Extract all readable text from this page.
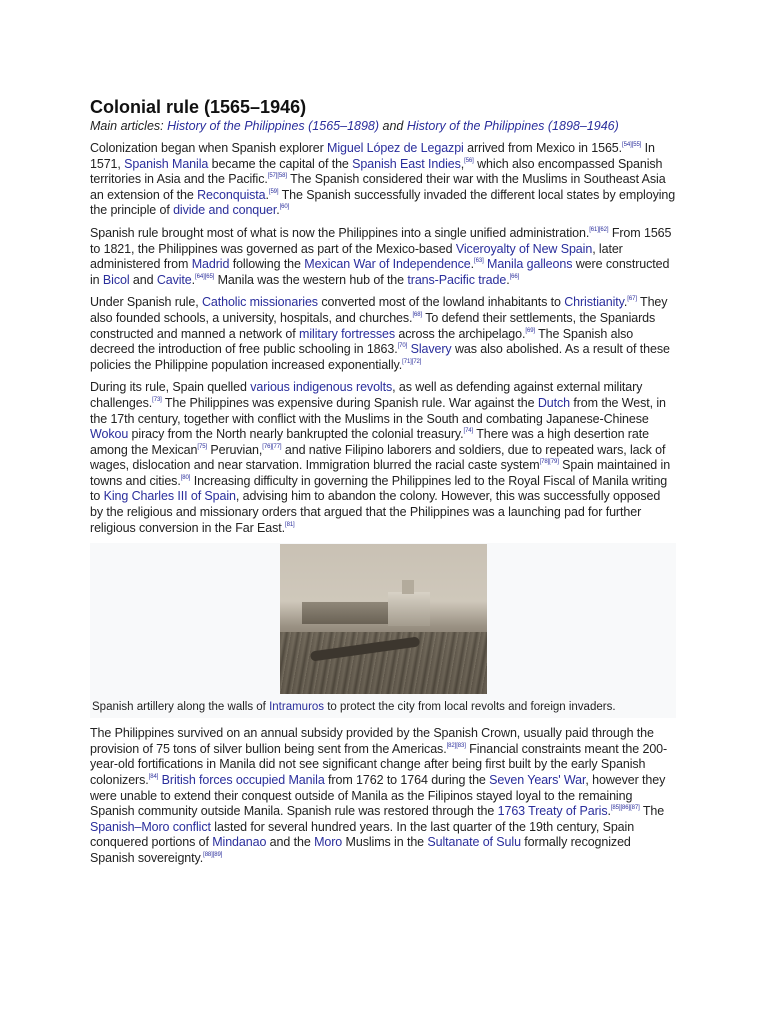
Colonial rule (1565–1946)
Main articles: History of the Philippines (1565–1898) and History of the Philippines (1898–1946)

Colonization began when Spanish explorer Miguel López de Legazpi arrived from Mexico in 1565.[54][55] In 1571, Spanish Manila became the capital of the Spanish East Indies,[56] which also encompassed Spanish territories in Asia and the Pacific.[57][58] The Spanish considered their war with the Muslims in Southeast Asia an extension of the Reconquista.[59] The Spanish successfully invaded the different local states by employing the principle of divide and conquer.[60]

Spanish rule brought most of what is now the Philippines into a single unified administration.[61][62] From 1565 to 1821, the Philippines was governed as part of the Mexico-based Viceroyalty of New Spain, later administered from Madrid following the Mexican War of Independence.[63] Manila galleons were constructed in Bicol and Cavite.[64][65] Manila was the western hub of the trans-Pacific trade.[66]

Under Spanish rule, Catholic missionaries converted most of the lowland inhabitants to Christianity.[67] They also founded schools, a university, hospitals, and churches.[68] To defend their settlements, the Spaniards constructed and manned a network of military fortresses across the archipelago.[69] The Spanish also decreed the introduction of free public schooling in 1863.[70] Slavery was also abolished. As a result of these policies the Philippine population increased exponentially.[71][72]

During its rule, Spain quelled various indigenous revolts, as well as defending against external military challenges.[73] The Philippines was expensive during Spanish rule. War against the Dutch from the West, in the 17th century, together with conflict with the Muslims in the South and combating Japanese-Chinese Wokou piracy from the North nearly bankrupted the colonial treasury.[74] There was a high desertion rate among the Mexican[75] Peruvian,[76][77] and native Filipino laborers and soldiers, due to repeated wars, lack of wages, dislocation and near starvation. Immigration blurred the racial caste system[78][79] Spain maintained in towns and cities.[80] Increasing difficulty in governing the Philippines led to the Royal Fiscal of Manila writing to King Charles III of Spain, advising him to abandon the colony. However, this was successfully opposed by the religious and missionary orders that argued that the Philippines was a launching pad for further religious conversion in the Far East.[81]

Spanish artillery along the walls of Intramuros to protect the city from local revolts and foreign invaders.

The Philippines survived on an annual subsidy provided by the Spanish Crown, usually paid through the provision of 75 tons of silver bullion being sent from the Americas.[82][83] Financial constraints meant the 200-year-old fortifications in Manila did not see significant change after being first built by the early Spanish colonizers.[84] British forces occupied Manila from 1762 to 1764 during the Seven Years' War, however they were unable to extend their conquest outside of Manila as the Filipinos stayed loyal to the remaining Spanish community outside Manila. Spanish rule was restored through the 1763 Treaty of Paris.[85][86][87] The Spanish–Moro conflict lasted for several hundred years. In the last quarter of the 19th century, Spain conquered portions of Mindanao and the Moro Muslims in the Sultanate of Sulu formally recognized Spanish sovereignty.[88][89]
